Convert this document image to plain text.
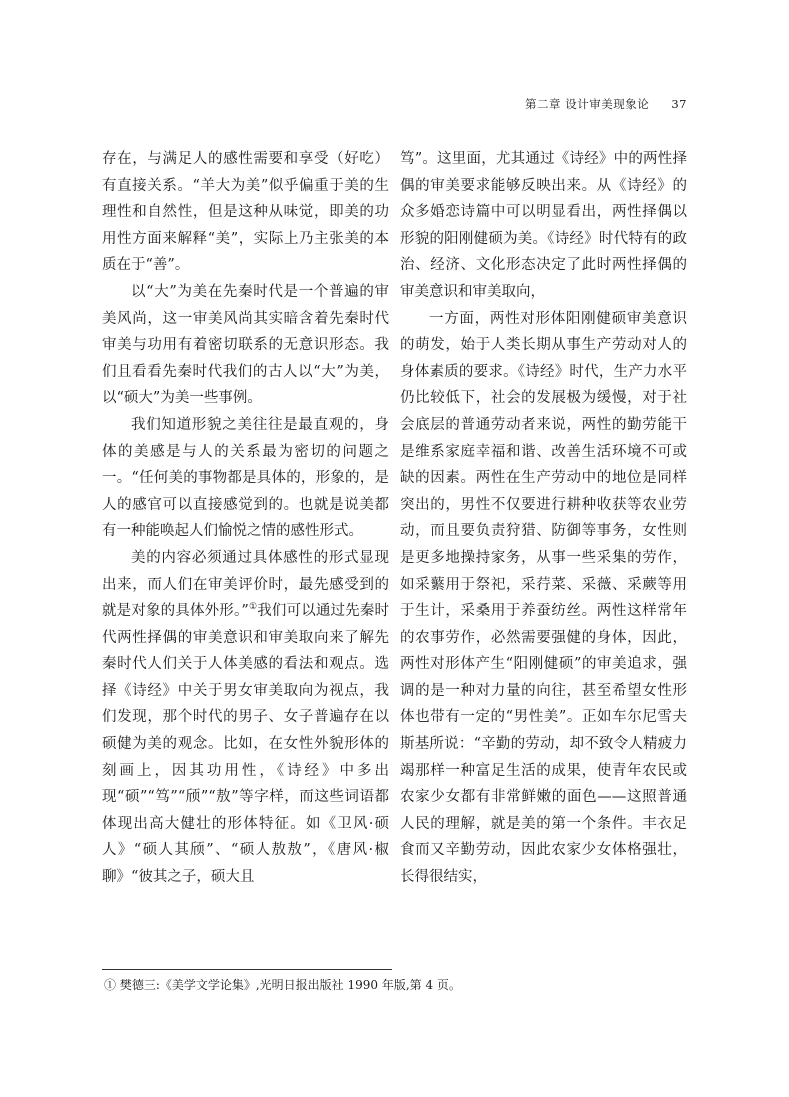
第二章 设计审美现象论 37

存在，与满足人的感性需要和享受（好吃）有直接关系。“羊大为美”似乎偏重于美的生理性和自然性，但是这种从味觉，即美的功用性方面来解释“美”，实际上乃主张美的本质在于“善”。

以“大”为美在先秦时代是一个普遍的审美风尚，这一审美风尚其实暗含着先秦时代审美与功用有着密切联系的无意识形态。我们且看看先秦时代我们的古人以“大”为美，以“硕大”为美一些事例。

我们知道形貌之美往往是最直观的，身体的美感是与人的关系最为密切的问题之一。“任何美的事物都是具体的，形象的，是人的感官可以直接感觉到的。也就是说美都有一种能唤起人们愉悦之情的感性形式。

美的内容必须通过具体感性的形式显现出来，而人们在审美评价时，最先感受到的就是对象的具体外形。”①我们可以通过先秦时代两性择偶的审美意识和审美取向来了解先秦时代人们关于人体美感的看法和观点。选择《诗经》中关于男女审美取向为视点，我们发现，那个时代的男子、女子普遍存在以硕健为美的观念。比如，在女性外貌形体的刻画上，因其功用性，《诗经》中多出现“硕”“笃”“颀”“敖”等字样，而这些词语都体现出高大健壮的形体特征。如《卫风·硕人》“硕人其颀”、“硕人敖敖”，《唐风·椒聊》“彼其之子，硕大且

笃”。这里面，尤其通过《诗经》中的两性择偶的审美要求能够反映出来。从《诗经》的众多婚恋诗篇中可以明显看出，两性择偶以形貌的阳刚健硕为美。《诗经》时代特有的政治、经济、文化形态决定了此时两性择偶的审美意识和审美取向，

一方面，两性对形体阳刚健硕审美意识的萌发，始于人类长期从事生产劳动对人的身体素质的要求。《诗经》时代，生产力水平仍比较低下，社会的发展极为缓慢，对于社会底层的普通劳动者来说，两性的勤劳能干是维系家庭幸福和谐、改善生活环境不可或缺的因素。两性在生产劳动中的地位是同样突出的，男性不仅要进行耕种收获等农业劳动，而且要负责狩猎、防御等事务，女性则是更多地操持家务，从事一些采集的劳作，如采蘩用于祭祀，采荇菜、采薇、采蕨等用于生计，采桑用于养蚕纺丝。两性这样常年的农事劳作，必然需要强健的身体，因此，两性对形体产生“阳刚健硕”的审美追求，强调的是一种对力量的向往，甚至希望女性形体也带有一定的“男性美”。正如车尔尼雪夫斯基所说：“辛勤的劳动，却不致令人精疲力竭那样一种富足生活的成果，使青年农民或农家少女都有非常鲜嫩的面色——这照普通人民的理解，就是美的第一个条件。丰衣足食而又辛勤劳动，因此农家少女体格强壮，长得很结实，

① 樊德三:《美学文学论集》,光明日报出版社 1990 年版,第 4 页。
